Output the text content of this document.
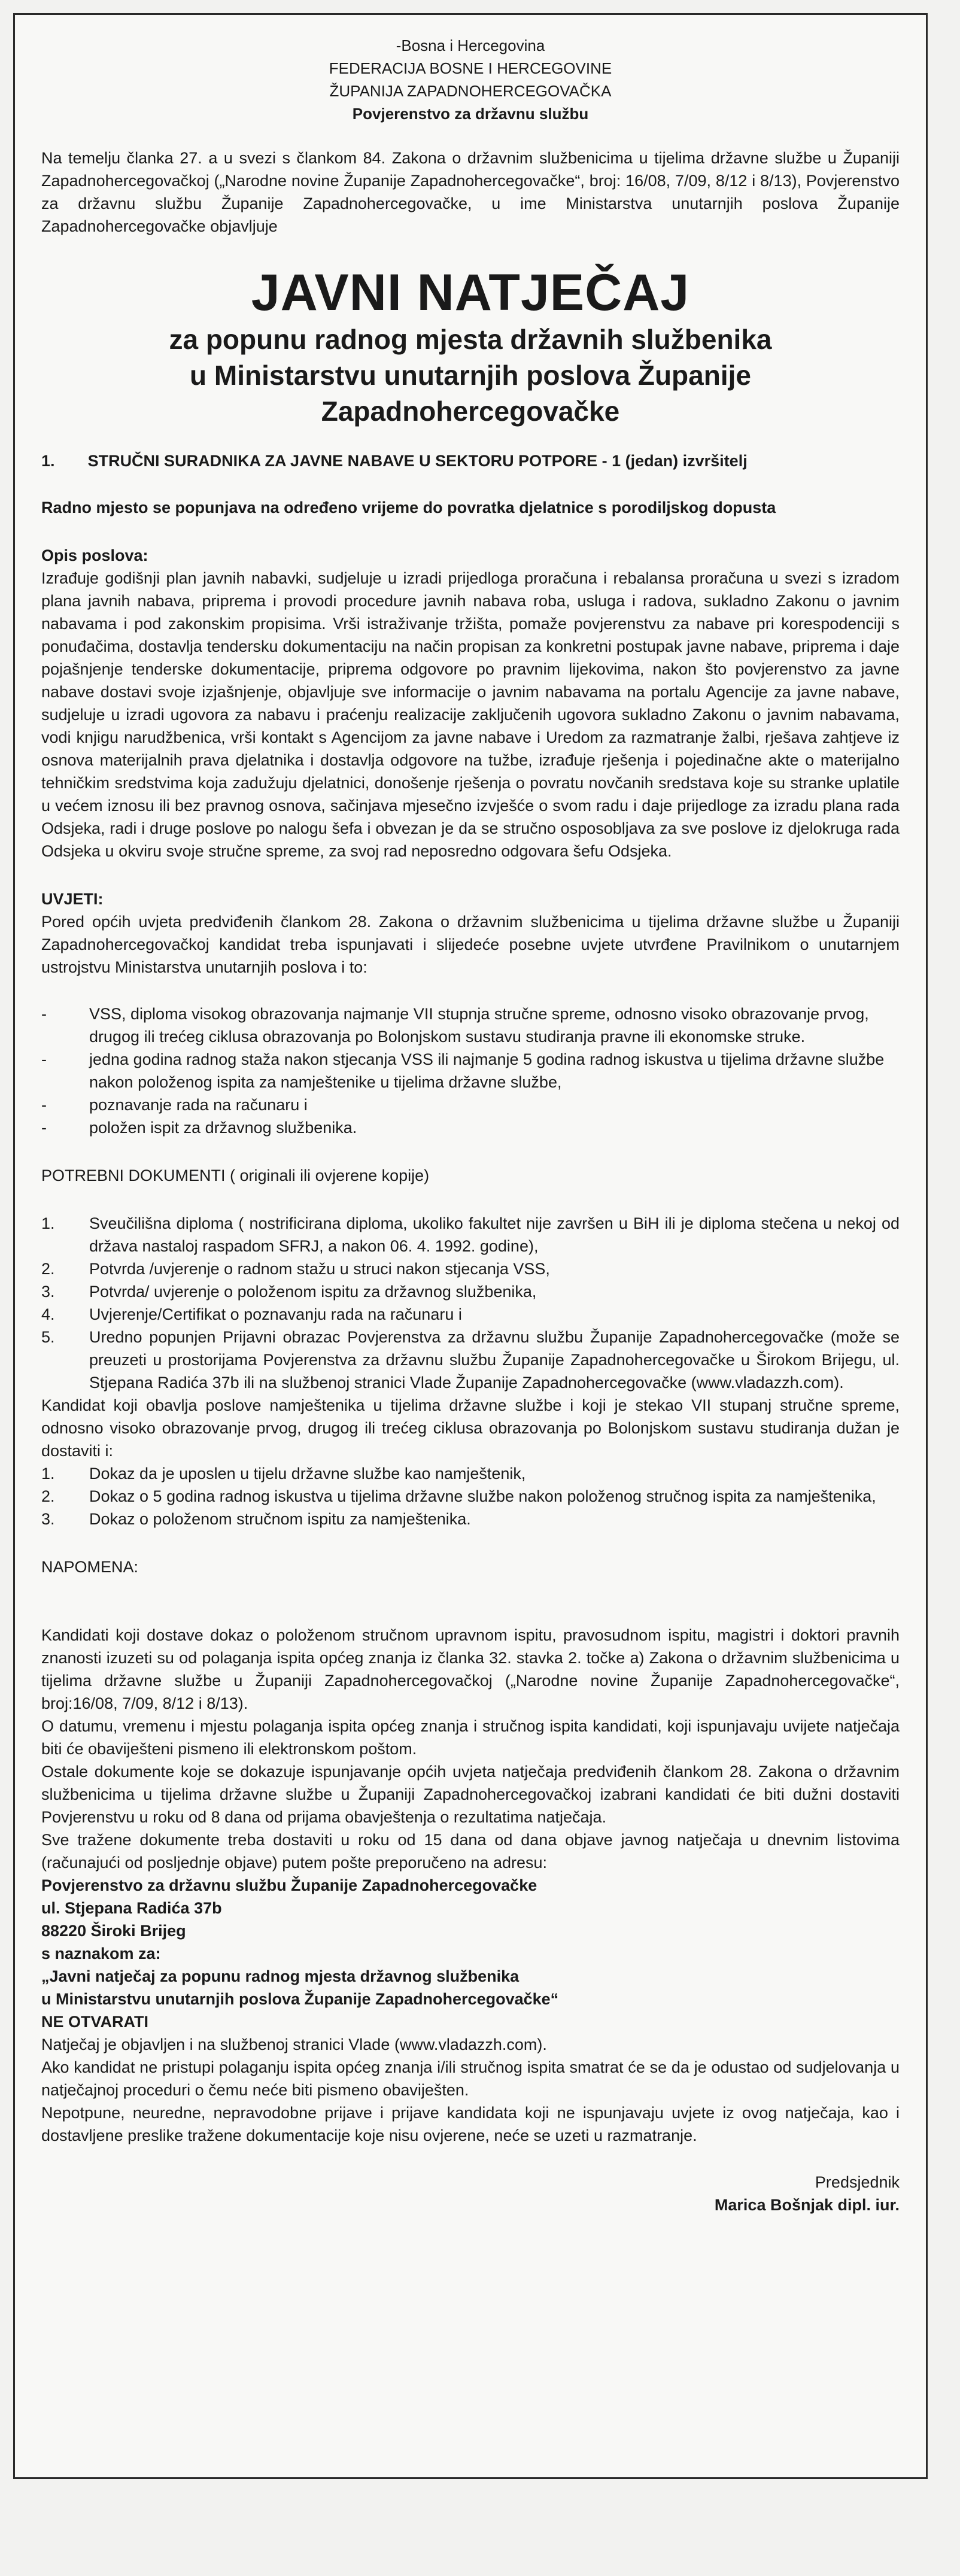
-Bosna i Hercegovina
FEDERACIJA BOSNE I HERCEGOVINE
ŽUPANIJA ZAPADNOHERCEGOVAČKA
Povjerenstvo za državnu službu
Na temelju članka 27. a u svezi s člankom 84. Zakona o državnim službenicima u tijelima državne službe u Županiji Zapadnohercegovačkoj („Narodne novine Županije Zapadnohercegovačke“, broj: 16/08, 7/09, 8/12 i 8/13), Povjerenstvo za državnu službu Županije Zapadnohercegovačke, u ime Ministarstva unutarnjih poslova Županije Zapadnohercegovačke objavljuje
JAVNI NATJEČAJ
za popunu radnog mjesta državnih službenika
u Ministarstvu unutarnjih poslova Županije Zapadnohercegovačke
1. STRUČNI SURADNIKA ZA JAVNE NABAVE U SEKTORU POTPORE - 1 (jedan) izvršitelj
Radno mjesto se popunjava na određeno vrijeme do povratka djelatnice s porodiljskog dopusta
Opis poslova:
Izrađuje godišnji plan javnih nabavki, sudjeluje u izradi prijedloga proračuna i rebalansa proračuna u svezi s izradom plana javnih nabava, priprema i provodi procedure javnih nabava roba, usluga i radova, sukladno Zakonu o javnim nabavama i pod zakonskim propisima. Vrši istraživanje tržišta, pomaže povjerenstvu za nabave pri korespodenciji s ponuđačima, dostavlja tendersku dokumentaciju na način propisan za konkretni postupak javne nabave, priprema i daje pojašnjenje tenderske dokumentacije, priprema odgovore po pravnim lijekovima, nakon što povjerenstvo za javne nabave dostavi svoje izjašnjenje, objavljuje sve informacije o javnim nabavama na portalu Agencije za javne nabave, sudjeluje u izradi ugovora za nabavu i praćenju realizacije zaključenih ugovora sukladno Zakonu o javnim nabavama, vodi knjigu narudžbenica, vrši kontakt s Agencijom za javne nabave i Uredom za razmatranje žalbi, rješava zahtjeve iz osnova materijalnih prava djelatnika i dostavlja odgovore na tužbe, izrađuje rješenja i pojedinačne akte o materijalno tehničkim sredstvima koja zadužuju djelatnici, donošenje rješenja o povratu novčanih sredstava koje su stranke uplatile u većem iznosu ili bez pravnog osnova, sačinjava mjesečno izvješće o svom radu i daje prijedloge za izradu plana rada Odsjeka, radi i druge poslove po nalogu šefa i obvezan je da se stručno osposobljava za sve poslove iz djelokruga rada Odsjeka u okviru svoje stručne spreme, za svoj rad neposredno odgovara šefu Odsjeka.
UVJETI:
Pored općih uvjeta predviđenih člankom 28. Zakona o državnim službenicima u tijelima državne službe u Županiji Zapadnohercegovačkoj kandidat treba ispunjavati i slijedeće posebne uvjete utvrđene Pravilnikom o unutarnjem ustrojstvu Ministarstva unutarnjih poslova i to:
-	VSS, diploma visokog obrazovanja najmanje VII stupnja stručne spreme, odnosno visoko obrazovanje prvog, drugog ili trećeg ciklusa obrazovanja po Bolonjskom sustavu studiranja pravne ili ekonomske struke.
-	jedna godina radnog staža nakon stjecanja VSS ili najmanje 5 godina radnog iskustva u tijelima državne službe nakon položenog ispita za namještenike u tijelima državne službe,
-	poznavanje rada na računaru i
-	položen ispit za državnog službenika.
POTREBNI DOKUMENTI ( originali ili ovjerene kopije)
1. Sveučilišna diploma ( nostrificirana diploma, ukoliko fakultet nije završen u BiH ili je diploma stečena u nekoj od država nastaloj raspadom SFRJ, a nakon 06. 4. 1992. godine),
2. Potvrda /uvjerenje o radnom stažu u struci nakon stjecanja VSS,
3. Potvrda/ uvjerenje o položenom ispitu za državnog službenika,
4. Uvjerenje/Certifikat o poznavanju rada na računaru i
5. Uredno popunjen Prijavni obrazac Povjerenstva za državnu službu Županije Zapadnohercegovačke (može se preuzeti u prostorijama Povjerenstva za državnu službu Županije Zapadnohercegovačke u Širokom Brijegu, ul. Stjepana Radića 37b ili na službenoj stranici Vlade Županije Zapadnohercegovačke (www.vladazzh.com).
Kandidat koji obavlja poslove namještenika u tijelima državne službe i koji je stekao VII stupanj stručne spreme, odnosno visoko obrazovanje prvog, drugog ili trećeg ciklusa obrazovanja po Bolonjskom sustavu studiranja dužan je dostaviti i:
1. Dokaz da je uposlen u tijelu državne službe kao namještenik,
2. Dokaz o 5 godina radnog iskustva u tijelima državne službe nakon položenog stručnog ispita za namještenika,
3. Dokaz o položenom stručnom ispitu za namještenika.
NAPOMENA:
Kandidati koji dostave dokaz o položenom stručnom upravnom ispitu, pravosudnom ispitu, magistri i doktori pravnih znanosti izuzeti su od polaganja ispita općeg znanja iz članka 32. stavka 2. točke a) Zakona o državnim službenicima u tijelima državne službe u Županiji Zapadnohercegovačkoj („Narodne novine Županije Zapadnohercegovačke“, broj:16/08, 7/09, 8/12 i 8/13).
O datumu, vremenu i mjestu polaganja ispita općeg znanja i stručnog ispita kandidati, koji ispunjavaju uvijete natječaja biti će obaviješteni pismeno ili elektronskom poštom.
Ostale dokumente koje se dokazuje ispunjavanje općih uvjeta natječaja predviđenih člankom 28. Zakona o državnim službenicima u tijelima državne službe u Županiji Zapadnohercegovačkoj izabrani kandidati će biti dužni dostaviti Povjerenstvu u roku od 8 dana od prijama obavještenja o rezultatima natječaja.
Sve tražene dokumente treba dostaviti u roku od 15 dana od dana objave javnog natječaja u dnevnim listovima (računajući od posljednje objave) putem pošte preporučeno na adresu:
Povjerenstvo za državnu službu Županije Zapadnohercegovačke
ul. Stjepana Radića 37b
88220 Široki Brijeg
s naznakom za:
„Javni natječaj za popunu radnog mjesta državnog službenika
u Ministarstvu unutarnjih poslova Županije Zapadnohercegovačke“
NE OTVARATI
Natječaj je objavljen i na službenoj stranici Vlade (www.vladazzh.com).
Ako kandidat ne pristupi polaganju ispita općeg znanja i/ili stručnog ispita smatrat će se da je odustao od sudjelovanja u natječajnoj proceduri o čemu neće biti pismeno obaviješten.
Nepotpune, neuredne, nepravodobne prijave i prijave kandidata koji ne ispunjavaju uvjete iz ovog natječaja, kao i dostavljene preslike tražene dokumentacije koje nisu ovjerene, neće se uzeti u razmatranje.
Predsjednik
Marica Bošnjak dipl. iur.
